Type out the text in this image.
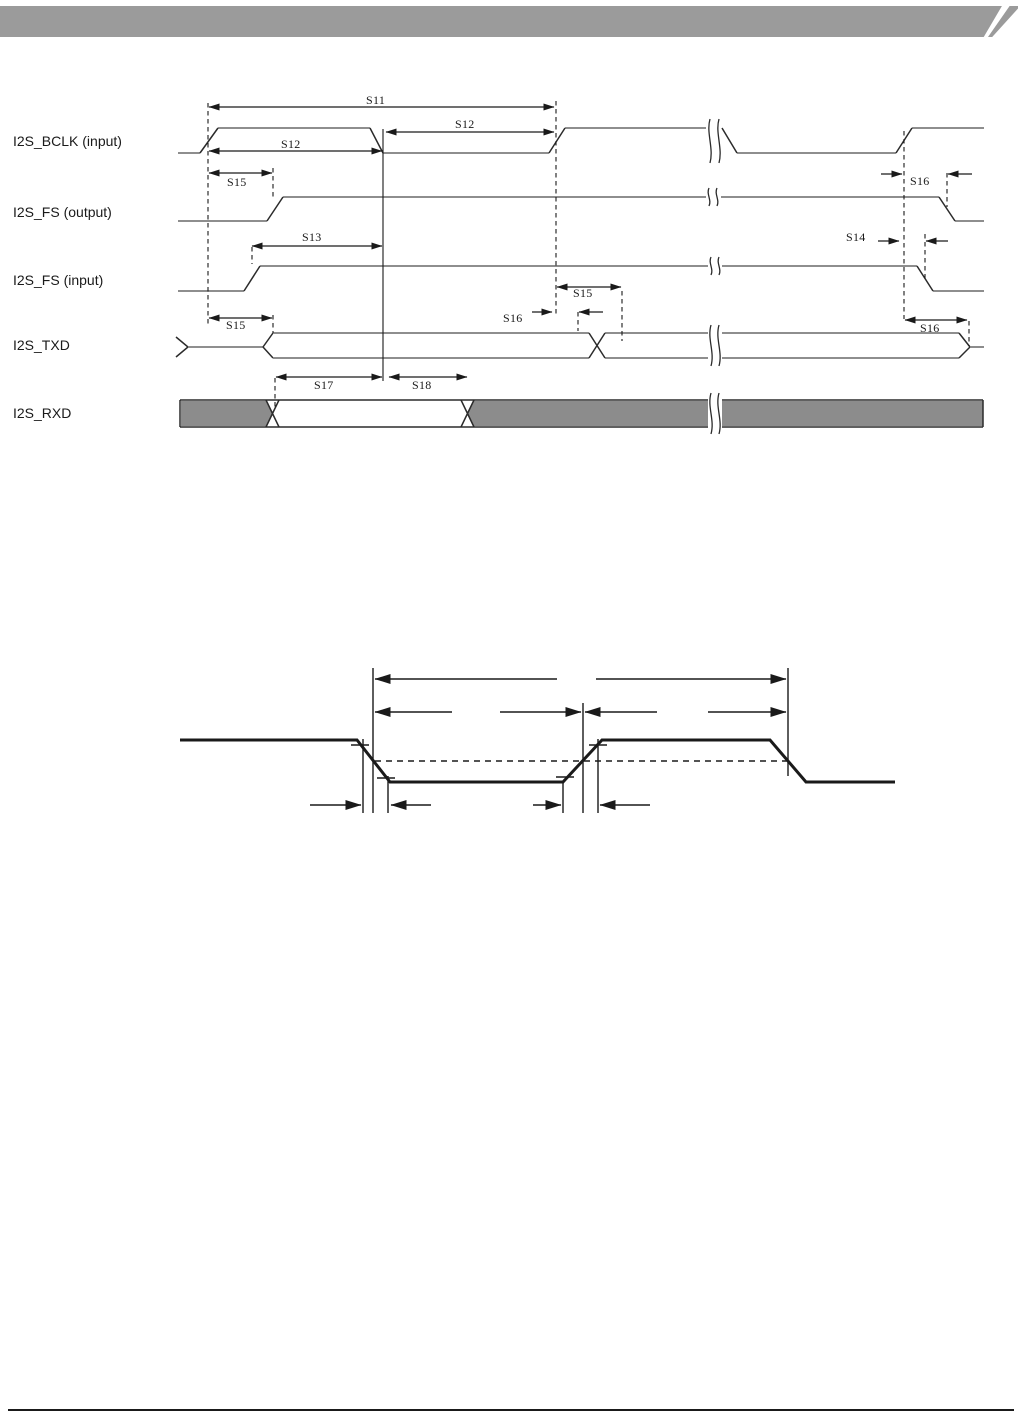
I2S_BCLK (input)
I2S_FS (output)
I2S_FS (input)
I2S_TXD
I2S_RXD
S11
S12
S12
S15	S16
S13	S14
S15
S16
S15	S16
S17	S18
